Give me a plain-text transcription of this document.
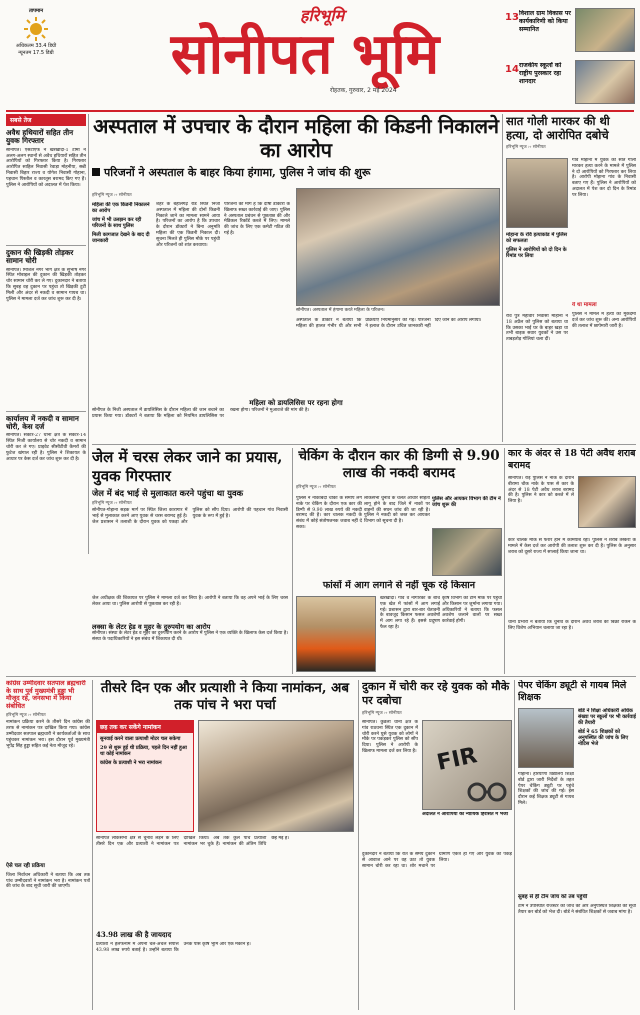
तापमान
अधिकतम 33.4 डिग्री
न्यूनतम 17.5 डिग्री
हरिभूमि
सोनीपत भूमि
रोहतक, गुरुवार, 2 मई 2024
13 विशाल ग्राम विकास पर कार्यकारिणी को किया सम्मानित
14 राजकीय स्कूलों को राष्ट्रीय पुरस्कार रहा शानदार
सबसे तेज
अवैध हथियारों सहित तीन युवक गिरफ्तार
सोनीपत। एसटीएफ ने खरखौदा-1 टीमों ने अलग-अलग स्थानों से अवैध हथियारों सहित तीन आरोपियों को गिरफ्तार किया है। गिरफ्तार आरोपित साहिल निवासी रेवाड़ा मोहनीया, सन्नी निवासी बिहार राज्य व योगेश निवासी गोहाना, पहचान पिस्तौल व कारतूस बरामद किए गए हैं। पुलिस ने आरोपियों को अदालत में पेश किया।
दुकान की खिड़की तोड़कर सामान चोरी
सोनीपत। मिशिल नगर भाग क्षेत्र के सुभाष नगर स्थित मोबाइल की दुकान की खिड़की तोड़कर चोर सामान चोरी कर ले गए। दुकानदार ने बताया कि सुबह वह दुकान पर पहुंचा तो खिड़की टूटी मिली और अंदर से नकदी व सामान गायब था। पुलिस ने मामला दर्ज कर जांच शुरू कर दी है।
कार्यालय में नकदी व सामान चोरी, केस दर्ज
सोनीपत। सेक्टर-27 थाना क्षेत्र के सेक्टर-14 स्थित निजी कार्यालय से चोर नकदी व सामान चोरी कर ले गए। प्राइवेट सीसीटीवी कैमरों की फुटेज खंगाल रही है। पुलिस ने शिकायत के आधार पर केस दर्ज कर जांच शुरू कर दी है।
अस्पताल में उपचार के दौरान महिला की किडनी निकालने का आरोप
परिजनों ने अस्पताल के बाहर किया हंगामा, पुलिस ने जांच की शुरू
हरिभूमि न्यूज ›› सोनीपत
महिला की एक किडनी निकालने का आरोप
जांच में भी उलझन कर रही परिजनों के साथ पुलिस
मिली कागजात देखने के बाद दी जानकारी
शहर के बहालगढ़ रोड स्थित निजी अस्पताल में महिला की दोनों किडनी निकाले जाने का मामला सामने आया है। परिजनों का आरोप है कि उपचार के दौरान डॉक्टरों ने बिना अनुमति महिला की एक किडनी निकाल दी। सूचना मिलते ही पुलिस मौके पर पहुंची और परिजनों को शांत करवाया।
परिजनों की मांग है कि दोषी डॉक्टरों के खिलाफ सख्त कार्रवाई की जाए। पुलिस ने अस्पताल प्रबंधन से पूछताछ की और मेडिकल रिकॉर्ड कब्जे में लिए। मामले की जांच के लिए एक कमेटी गठित की गई है।
सोनीपत। अस्पताल में हंगामा करते महिला के परिजन।
अस्पताल के डॉक्टर ने बताया कि महिला की हालत गंभीर थी और सभी प्रक्रियाएं नियमानुसार की गईं। परिजनों ने इलाज के दौरान उचित जानकारी नहीं दिए जाने का आरोप लगाया।
महिला को डायलिसिस पर रहना होगा
सोनीपत के निजी अस्पताल में डायलिसिस के दौरान महिला की जान बचाने का प्रयास किया गया। डॉक्टरों ने बताया कि महिला को नियमित डायलिसिस पर रखना होगा। परिजनों ने मुआवजे की मांग की है।
सात गोली मारकर की थी हत्या, दो आरोपित दबोचे
हरिभूमि न्यूज ›› सोनीपत
गांव मोहाना में युवक की सात गोली मारकर हत्या करने के मामले में पुलिस ने दो आरोपियों को गिरफ्तार कर लिया है। आरोपी मोहाना गांव के निवासी बताए गए हैं। पुलिस ने आरोपियों को अदालत में पेश कर दो दिन के रिमांड पर लिया।
मोहाना के रवि हत्याकांड में पुलिस को सफलता
पुलिस ने आरोपियों को दो दिन के रिमांड पर लिया
रवि पुत्र महावीर निवासी मोहाना ने 18 अप्रैल को पुलिस को बताया था कि उसका भाई घर के बाहर खड़ा था तभी बाइक सवार युवकों ने उस पर ताबड़तोड़ गोलियां चला दीं।
ये था मामला
पुलिस ने मामले में हत्या का मुकदमा दर्ज कर जांच शुरू की। अन्य आरोपियों की तलाश में छापेमारी जारी है।
जेल में चरस लेकर जाने का प्रयास, युवक गिरफ्तार
जेल में बंद भाई से मुलाकात करने पहुंचा था युवक
हरिभूमि न्यूज ›› सोनीपत
सोनीपत-गोहाना सड़क मार्ग पर स्थित जिला कारागार में भाई से मुलाकात करने आए युवक से चरस बरामद हुई है। जेल प्रशासन ने तलाशी के दौरान युवक को पकड़ा और पुलिस को सौंप दिया। आरोपी की पहचान गांव निवासी युवक के रूप में हुई है।
जेल अधीक्षक की शिकायत पर पुलिस ने मामला दर्ज कर लिया है। आरोपी ने बताया कि वह अपने भाई के लिए चरस लेकर आया था। पुलिस आरोपी से पूछताछ कर रही है।
लक्सा के लेटर हेड व मुहर के दुरुपयोग का आरोप
सोनीपत। संस्था के लेटर हेड व मुहर का दुरुपयोग करने के आरोप में पुलिस ने एक व्यक्ति के खिलाफ केस दर्ज किया है। संस्था के पदाधिकारियों ने इस संबंध में शिकायत दी थी।
चेकिंग के दौरान कार की डिग्गी से 9.90 लाख की नकदी बरामद
हरिभूमि न्यूज ›› सोनीपत
पुलिस और आयकर विभाग की टीम ने जांच शुरू की
पुलिस ने नाकाबंदी चौकी के समीप लगे नाके पर चेकिंग के दौरान एक कार की डिग्गी से 9.90 लाख रुपये की नकदी बरामद की है। कार चालक नकदी के संबंध में कोई संतोषजनक जवाब नहीं दे सका।
लोकसभा चुनाव के चलते आचार संहिता लागू होने के बाद जिले में नाकों पर वाहनों की सघन जांच की जा रही है। पुलिस ने नकदी को जब्त कर आयकर विभाग को सूचना दी है।
फांसों में आग लगाने से नहीं चूक रहे किसान
खरखौदा। गांव व नागरिकों के बीच एक खेत में फांसों में आग लगाई गई। प्रशासन द्वारा बार-बार चेतावनी के बावजूद किसान फसल अवशेषों में आग लगा रहे हैं। इससे प्रदूषण फैल रहा है।
कृषि विभाग की टीम मौके पर पहुंची और किसान पर जुर्माना लगाया गया। अधिकारियों ने बताया कि फसल अवशेष जलाने वालों पर सख्त कार्रवाई होगी।
कार के अंदर से 18 पेटी अवैध शराब बरामद
सोनीपत। राई पुलिस ने नाके के दौरान बीरामा चौक नाके के पास से कार के अंदर से 18 पेटी अवैध शराब बरामद की है। पुलिस ने कार को कब्जे में ले लिया है।
कार चालक मौके से फरार होने में कामयाब रहा। पुलिस ने शराब तस्करी के मामले में केस दर्ज कर आरोपी की तलाश शुरू कर दी है। पुलिस के अनुसार शराब को दूसरे राज्य में सप्लाई किया जाना था।
थाना प्रभारी ने बताया कि चुनाव के दौरान अवैध शराब की बिक्री रोकने के लिए विशेष अभियान चलाया जा रहा है।
कांग्रेस उम्मीदवार सतपाल ब्रह्मचारी के साथ पूर्व मुख्यमंत्री हुड्डा भी मौजूद रहे, जनसभा में किया संबोधित
हरिभूमि न्यूज ›› सोनीपत
नामांकन प्रक्रिया करने के तीसरे दिन कांग्रेस की तरफ से नामांकन पत्र दाखिल किया गया। कांग्रेस उम्मीदवार सतपाल ब्रह्मचारी ने कार्यकर्ताओं के साथ पहुंचकर नामांकन भरा। इस दौरान पूर्व मुख्यमंत्री भूपेंद्र सिंह हुड्डा सहित कई नेता मौजूद रहे।
ऐसे चल रही प्रक्रिया
जिला निर्वाचन अधिकारी ने बताया कि अब तक पांच उम्मीदवारों ने नामांकन भरा है। नामांकन पत्रों की जांच के बाद सूची जारी की जाएगी।
तीसरे दिन एक और प्रत्याशी ने किया नामांकन, अब तक पांच ने भरा पर्चा
छह तक कर सकेंगे नामांकन
सुनवाई करने वाला प्रत्याशी मोटर चल सकेगा
29 से शुरू हुई थी प्रक्रिया, पहले दिन नहीं हुआ था कोई नामांकन
कांग्रेस के प्रत्याशी ने भरा नामांकन
सोनीपत लोकसभा क्षेत्र से चुनाव लड़ने के लिए तीसरे दिन एक और प्रत्याशी ने नामांकन पत्र दाखिल किया। अब तक कुल पांच प्रत्याशी नामांकन भर चुके हैं। नामांकन की अंतिम तिथि छह मई है।
43.98 लाख की है जायदाद
प्रत्याशी ने हलफनामे में अपनी चल-अचल संपत्ति 43.98 लाख रुपये बताई है। उन्होंने बताया कि उनके पास कृषि भूमि और एक मकान है।
दुकान में चोरी कर रहे युवक को मौके पर दबोचा
हरिभूमि न्यूज ›› सोनीपत
सोनीपत। कुंडली थाना क्षेत्र के गांव राठधना स्थित एक दुकान में चोरी करने घुसे युवक को लोगों ने मौके पर पकड़कर पुलिस को सौंप दिया। पुलिस ने आरोपी के खिलाफ मामला दर्ज कर लिया है। FIR
अदालत ने आरोपियों को न्यायिक हिरासत में भेजा
दुकानदार ने बताया कि रात के समय दुकान से आवाज आने पर वह उठा तो युवक सामान चोरी कर रहा था। शोर मचाने पर ग्रामीण एकत्र हो गए और युवक को पकड़ लिया।
पेपर चेकिंग ड्यूटी से गायब मिले शिक्षक
गोहाना। हरियाणा विद्यालय शिक्षा बोर्ड द्वारा जारी निर्देशों के तहत पेपर चेकिंग ड्यूटी पर पहुंचे शिक्षकों की जांच की गई। इस दौरान कई शिक्षक ड्यूटी से गायब मिले।
बोर्ड ने शिक्षा अधिकारी अधिक संख्या पर स्कूलों पर भी कार्रवाई की तैयारी
बोर्ड ने 65 शिक्षकों को अनुपस्थित की जांच के लिए नोटिस भेजे
सुबह से ही टीम जांच को तब पहुंची
टीम ने उपस्थिति रजिस्टर की जांच की और अनुपस्थित शिक्षकों की सूची तैयार कर बोर्ड को भेज दी। बोर्ड ने संबंधित शिक्षकों से जवाब मांगा है।
